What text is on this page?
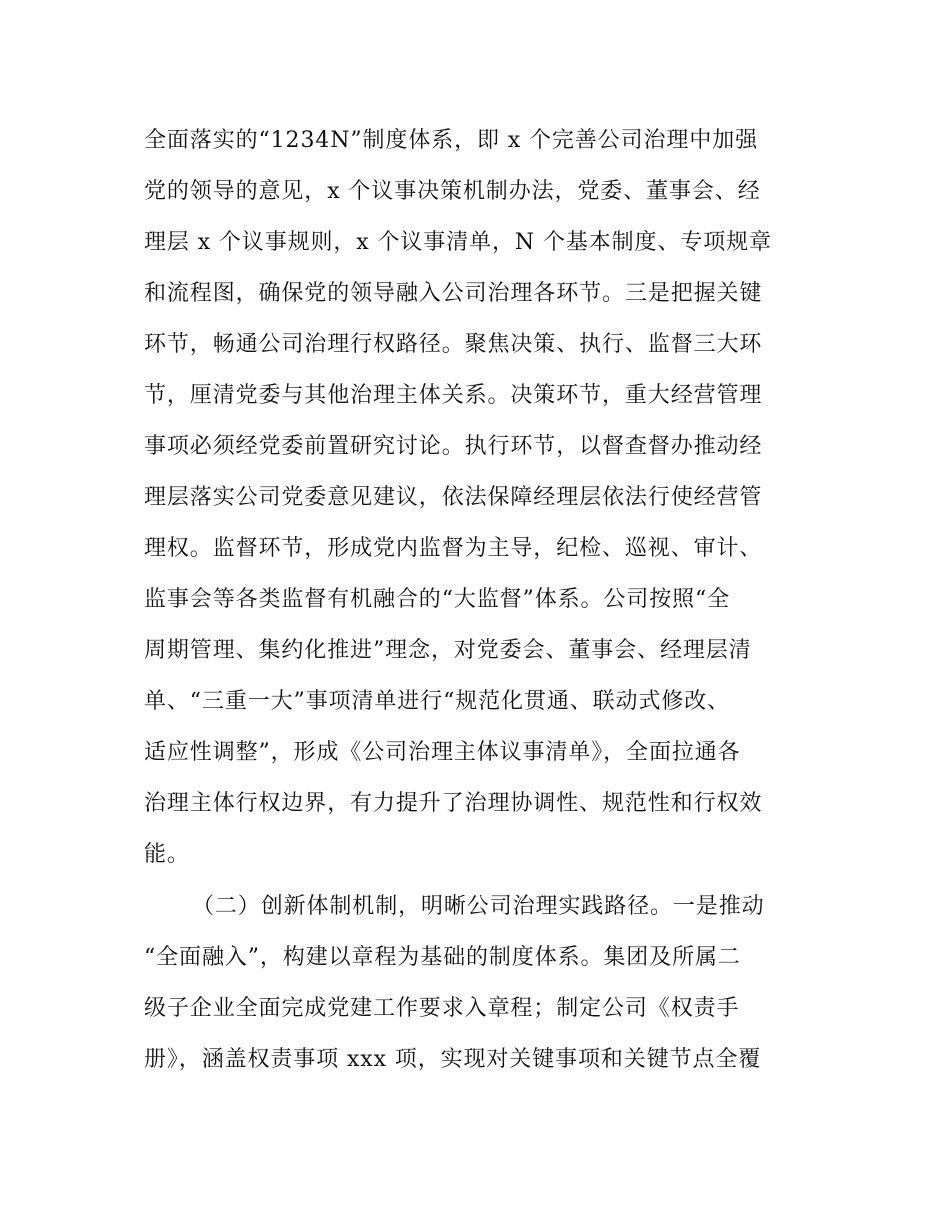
全面落实的“1234N”制度体系，即 x 个完善公司治理中加强
党的领导的意见，x 个议事决策机制办法，党委、董事会、经
理层 x 个议事规则，x 个议事清单，N 个基本制度、专项规章
和流程图，确保党的领导融入公司治理各环节。三是把握关键
环节，畅通公司治理行权路径。聚焦决策、执行、监督三大环
节，厘清党委与其他治理主体关系。决策环节，重大经营管理
事项必须经党委前置研究讨论。执行环节，以督查督办推动经
理层落实公司党委意见建议，依法保障经理层依法行使经营管
理权。监督环节，形成党内监督为主导，纪检、巡视、审计、
监事会等各类监督有机融合的“大监督”体系。公司按照“全
周期管理、集约化推进”理念，对党委会、董事会、经理层清
单、“三重一大”事项清单进行“规范化贯通、联动式修改、
适应性调整”，形成《公司治理主体议事清单》，全面拉通各
治理主体行权边界，有力提升了治理协调性、规范性和行权效
能。
（二）创新体制机制，明晰公司治理实践路径。一是推动
“全面融入”，构建以章程为基础的制度体系。集团及所属二
级子企业全面完成党建工作要求入章程；制定公司《权责手
册》，涵盖权责事项 xxx 项，实现对关键事项和关键节点全覆
